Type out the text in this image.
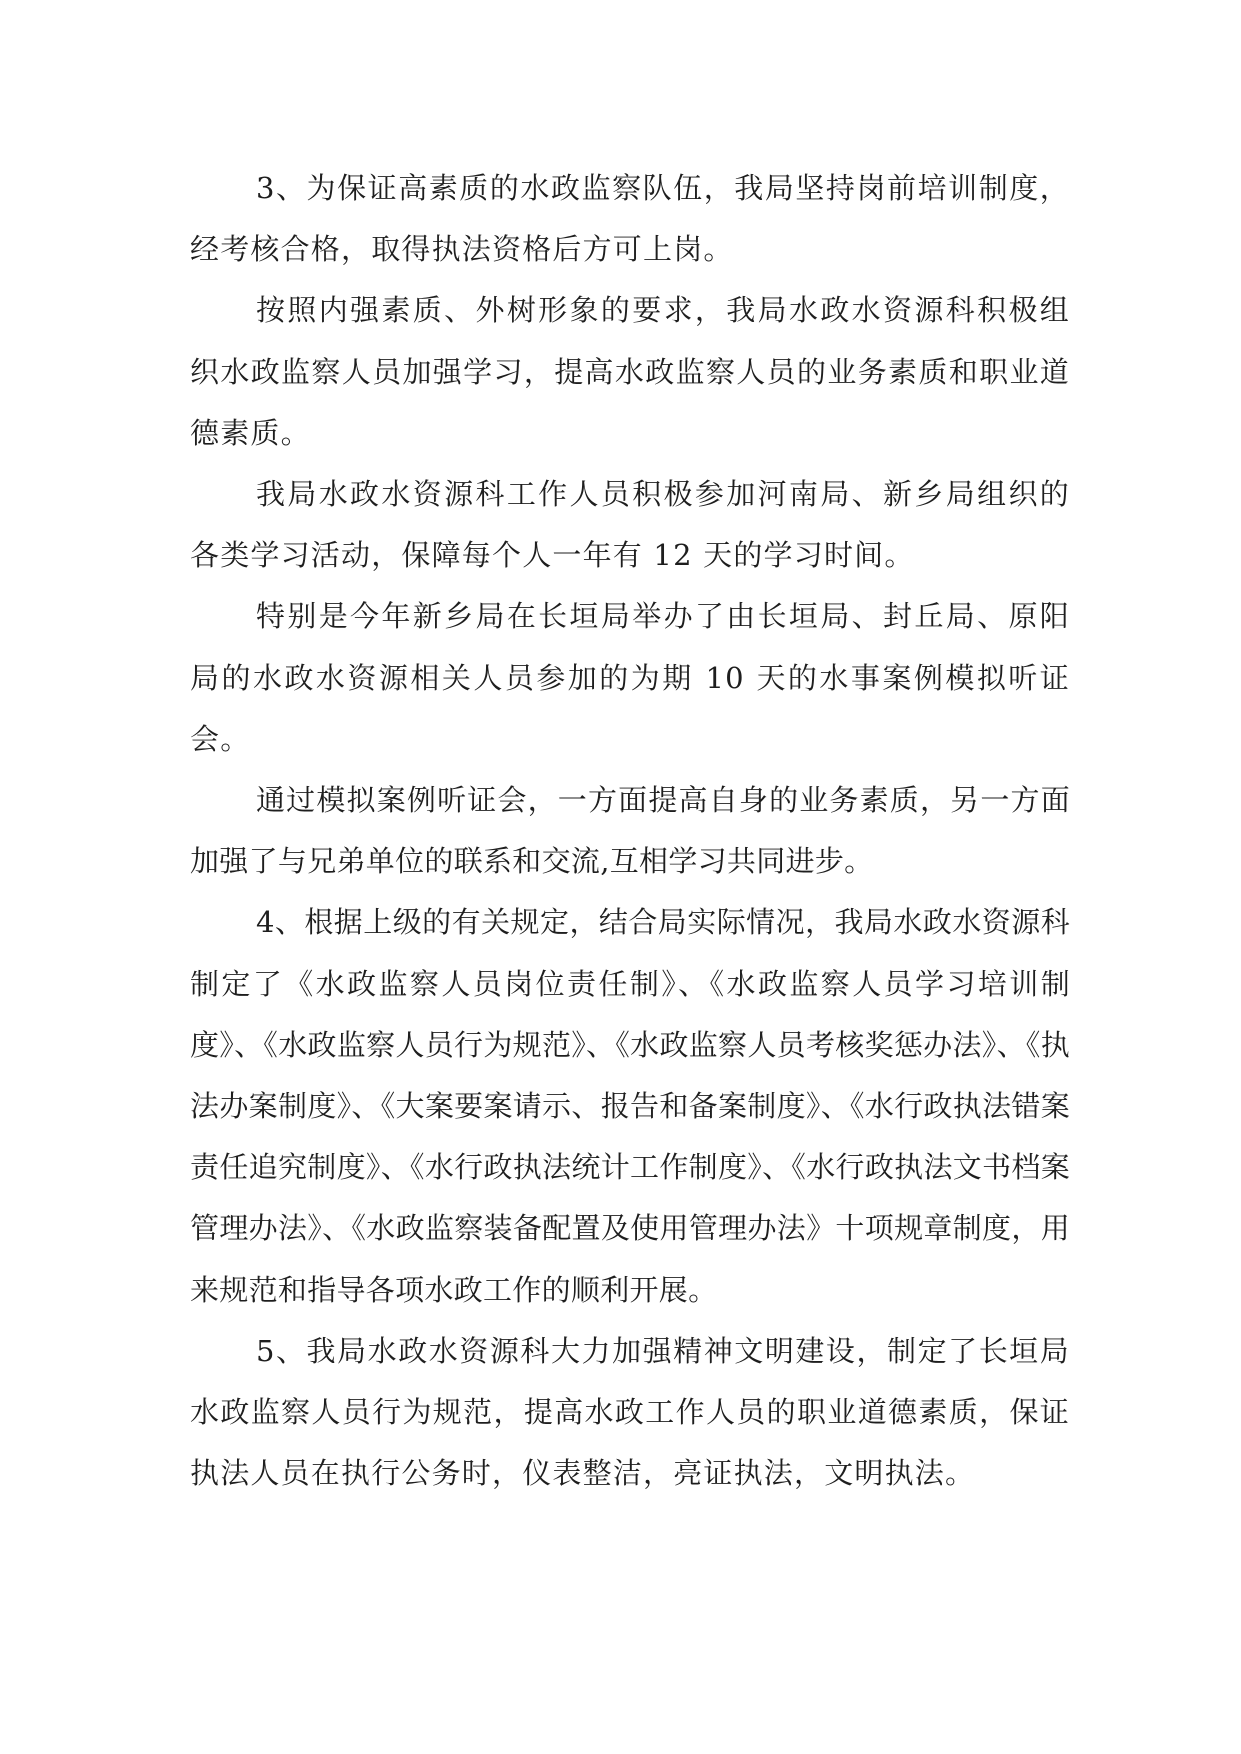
3、为保证高素质的水政监察队伍，我局坚持岗前培训制度，经考核合格，取得执法资格后方可上岗。

按照内强素质、外树形象的要求，我局水政水资源科积极组织水政监察人员加强学习，提高水政监察人员的业务素质和职业道德素质。

我局水政水资源科工作人员积极参加河南局、新乡局组织的各类学习活动，保障每个人一年有 12 天的学习时间。

特别是今年新乡局在长垣局举办了由长垣局、封丘局、原阳局的水政水资源相关人员参加的为期 10 天的水事案例模拟听证会。

通过模拟案例听证会，一方面提高自身的业务素质，另一方面加强了与兄弟单位的联系和交流,互相学习共同进步。

4、根据上级的有关规定，结合局实际情况，我局水政水资源科制定了《水政监察人员岗位责任制》、《水政监察人员学习培训制度》、《水政监察人员行为规范》、《水政监察人员考核奖惩办法》、《执法办案制度》、《大案要案请示、报告和备案制度》、《水行政执法错案责任追究制度》、《水行政执法统计工作制度》、《水行政执法文书档案管理办法》、《水政监察装备配置及使用管理办法》十项规章制度，用来规范和指导各项水政工作的顺利开展。

5、我局水政水资源科大力加强精神文明建设，制定了长垣局水政监察人员行为规范，提高水政工作人员的职业道德素质，保证执法人员在执行公务时，仪表整洁，亮证执法，文明执法。
